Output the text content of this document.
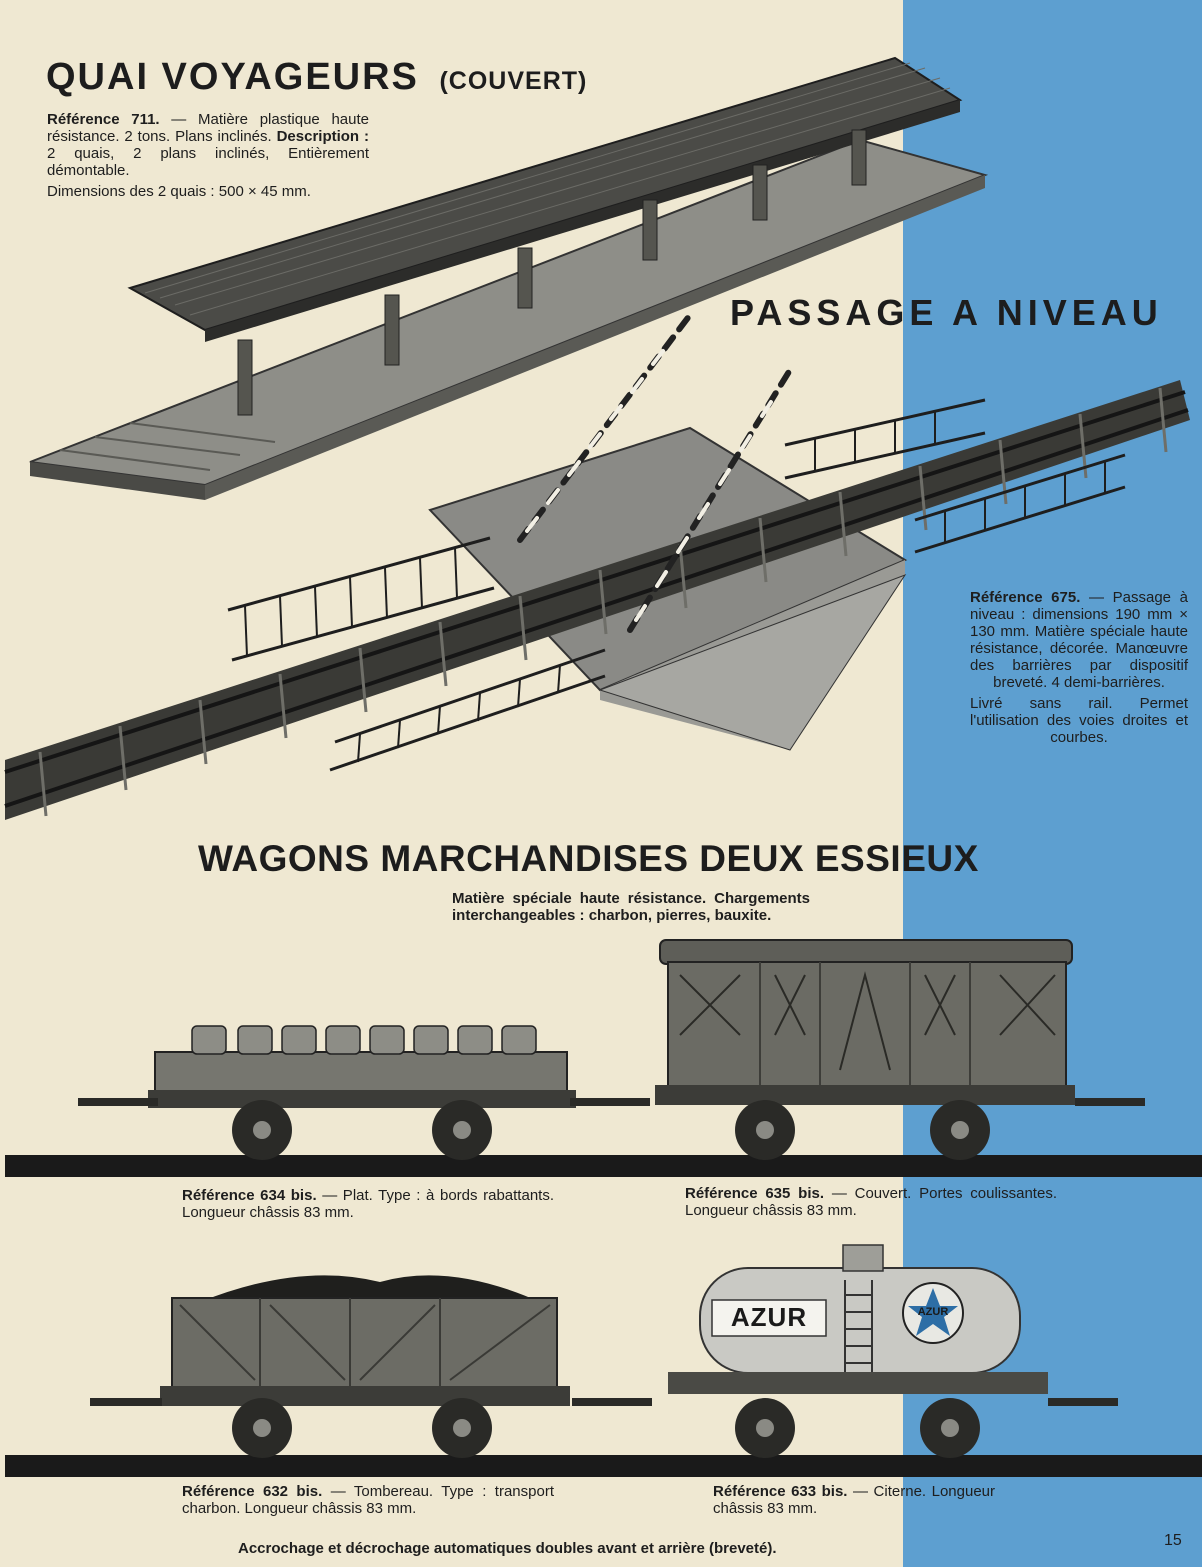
QUAI VOYAGEURS (COUVERT)
Référence 711. — Matière plastique haute résistance. 2 tons. Plans inclinés. Description : 2 quais, 2 plans inclinés, Entièrement démontable.
Dimensions des 2 quais : 500 × 45 mm.
PASSAGE A NIVEAU
Référence 675. — Passage à niveau : dimensions 190 mm × 130 mm. Matière spéciale haute résistance, décorée. Manœuvre des barrières par dispositif breveté. 4 demi-barrières.
Livré sans rail. Permet l'utilisation des voies droites et courbes.
WAGONS MARCHANDISES DEUX ESSIEUX
Matière spéciale haute résistance. Chargements interchangeables : charbon, pierres, bauxite.
AZUR	AZUR
Référence 634 bis. — Plat. Type : à bords rabattants. Longueur châssis 83 mm.
Référence 635 bis. — Couvert. Portes coulissantes. Longueur châssis 83 mm.
Référence 632 bis. — Tombereau. Type : transport charbon. Longueur châssis 83 mm.
Référence 633 bis. — Citerne. Longueur châssis 83 mm.
Accrochage et décrochage automatiques doubles avant et arrière (breveté).	15
